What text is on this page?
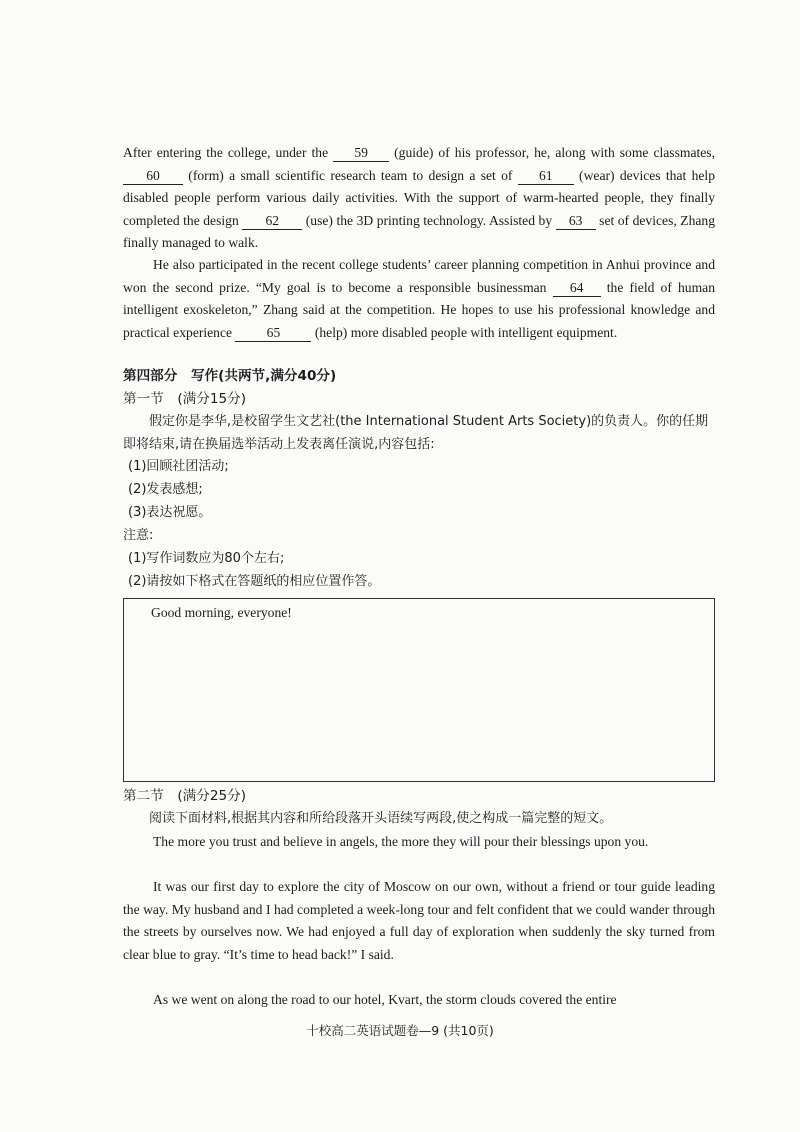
After entering the college, under the 59 (guide) of his professor, he, along with some classmates, 60 (form) a small scientific research team to design a set of 61 (wear) devices that help disabled people perform various daily activities. With the support of warm-hearted people, they finally completed the design 62 (use) the 3D printing technology. Assisted by 63 set of devices, Zhang finally managed to walk.

He also participated in the recent college students’ career planning competition in Anhui province and won the second prize. “My goal is to become a responsible businessman 64 the field of human intelligent exoskeleton,” Zhang said at the competition. He hopes to use his professional knowledge and practical experience 65 (help) more disabled people with intelligent equipment.

第四部分　写作(共两节,满分40分)
第一节　(满分15分)

假定你是李华,是校留学生文艺社(the International Student Arts Society)的负责人。你的任期即将结束,请在换届选举活动上发表离任演说,内容包括:

(1)回顾社团活动;
(2)发表感想;
(3)表达祝愿。
注意:
(1)写作词数应为80个左右;
(2)请按如下格式在答题纸的相应位置作答。
Good morning, everyone!
第二节　(满分25分)

阅读下面材料,根据其内容和所给段落开头语续写两段,使之构成一篇完整的短文。

The more you trust and believe in angels, the more they will pour their blessings upon you.

It was our first day to explore the city of Moscow on our own, without a friend or tour guide leading the way. My husband and I had completed a week-long tour and felt confident that we could wander through the streets by ourselves now. We had enjoyed a full day of exploration when suddenly the sky turned from clear blue to gray. “It’s time to head back!” I said.

As we went on along the road to our hotel, Kvart, the storm clouds covered the entire

十校高二英语试题卷—9 (共10页)
